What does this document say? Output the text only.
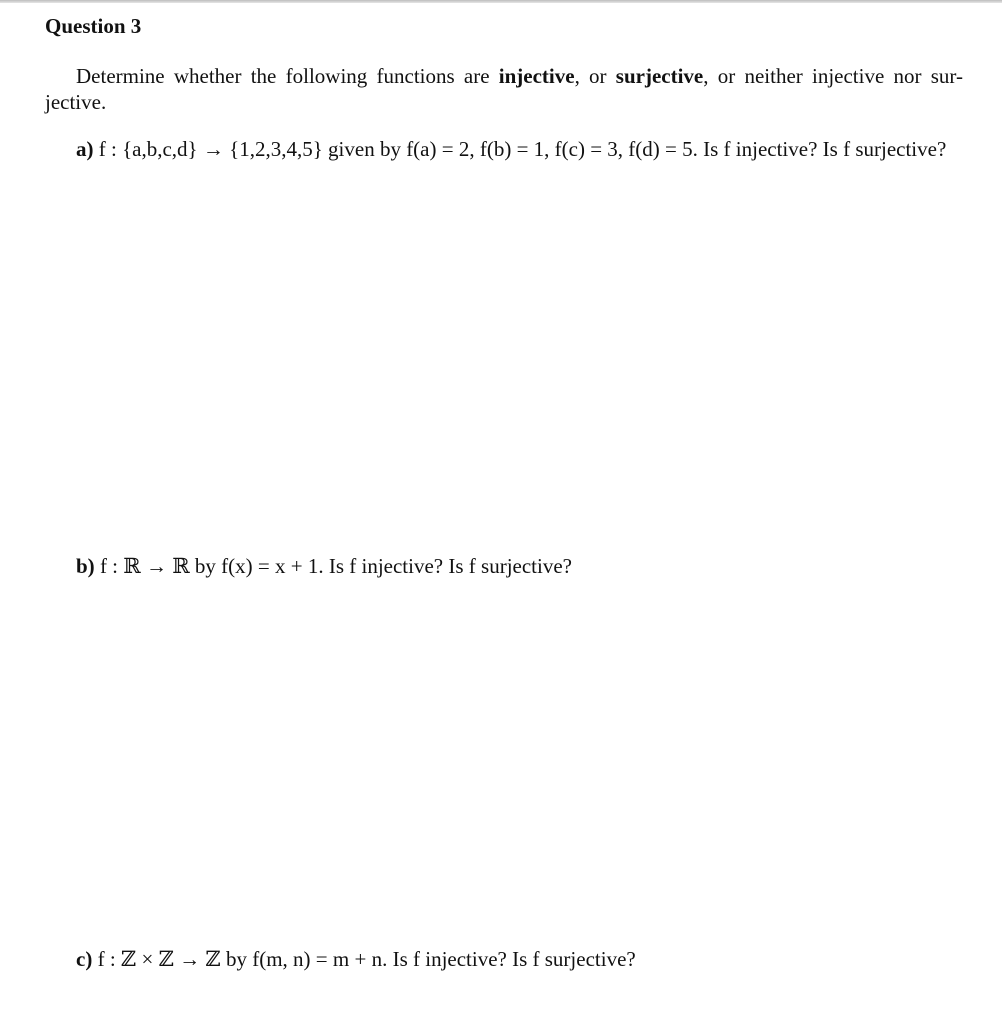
Question 3

Determine whether the following functions are injective, or surjective, or neither injective nor sur-jective.

a) f : {a,b,c,d} → {1,2,3,4,5} given by f(a) = 2, f(b) = 1, f(c) = 3, f(d) = 5. Is f injective? Is f surjective?

b) f : ℝ → ℝ by f(x) = x + 1. Is f injective? Is f surjective?

c) f : ℤ × ℤ → ℤ by f(m, n) = m + n. Is f injective? Is f surjective?
